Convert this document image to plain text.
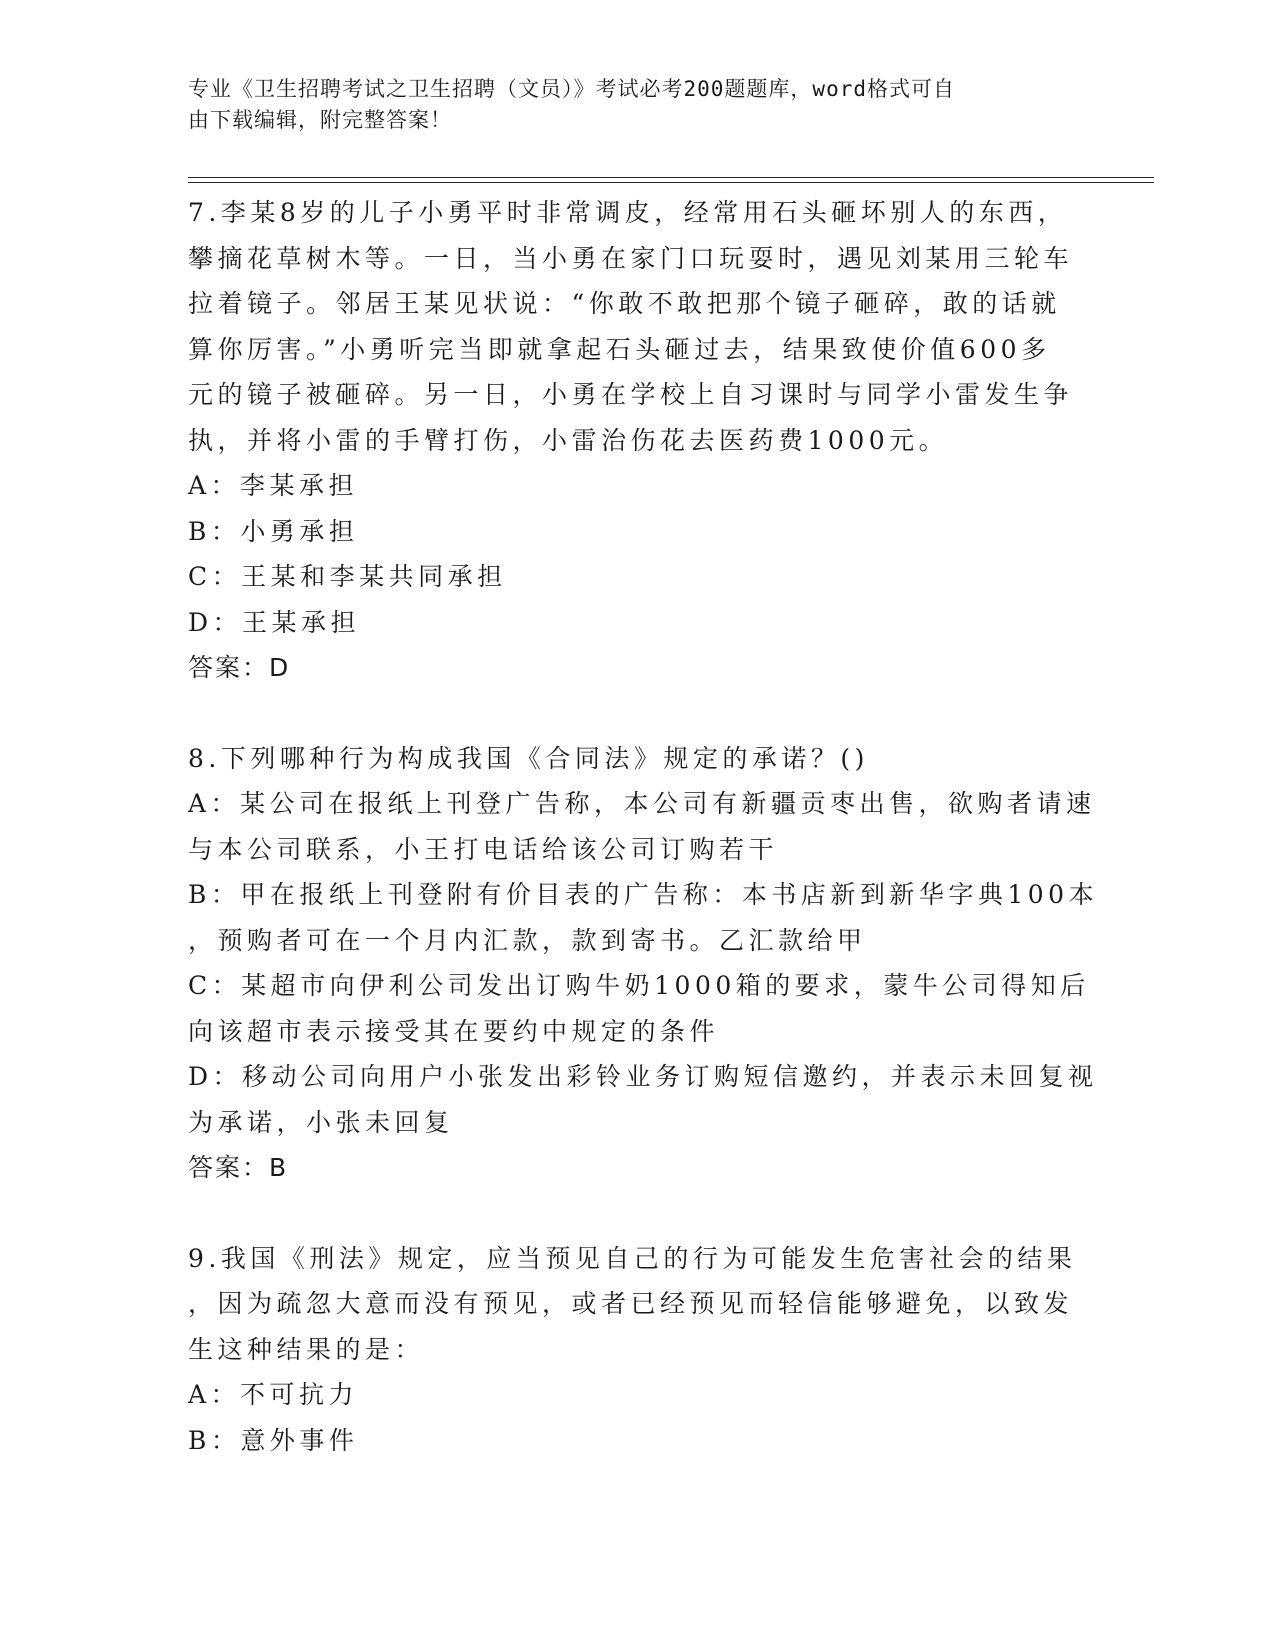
专业《卫生招聘考试之卫生招聘（文员）》考试必考200题题库，word格式可自
由下载编辑，附完整答案！
7.李某8岁的儿子小勇平时非常调皮，经常用石头砸坏别人的东西，
攀摘花草树木等。一日，当小勇在家门口玩耍时，遇见刘某用三轮车
拉着镜子。邻居王某见状说：“你敢不敢把那个镜子砸碎，敢的话就
算你厉害。”小勇听完当即就拿起石头砸过去，结果致使价值600多
元的镜子被砸碎。另一日，小勇在学校上自习课时与同学小雷发生争
执，并将小雷的手臂打伤，小雷治伤花去医药费1000元。
A：李某承担
B：小勇承担
C：王某和李某共同承担
D：王某承担
答案：D
8.下列哪种行为构成我国《合同法》规定的承诺？()
A：某公司在报纸上刊登广告称，本公司有新疆贡枣出售，欲购者请速
与本公司联系，小王打电话给该公司订购若干
B：甲在报纸上刊登附有价目表的广告称：本书店新到新华字典100本
，预购者可在一个月内汇款，款到寄书。乙汇款给甲
C：某超市向伊利公司发出订购牛奶1000箱的要求，蒙牛公司得知后
向该超市表示接受其在要约中规定的条件
D：移动公司向用户小张发出彩铃业务订购短信邀约，并表示未回复视
为承诺，小张未回复
答案：B
9.我国《刑法》规定，应当预见自己的行为可能发生危害社会的结果
，因为疏忽大意而没有预见，或者已经预见而轻信能够避免，以致发
生这种结果的是：
A：不可抗力
B：意外事件
